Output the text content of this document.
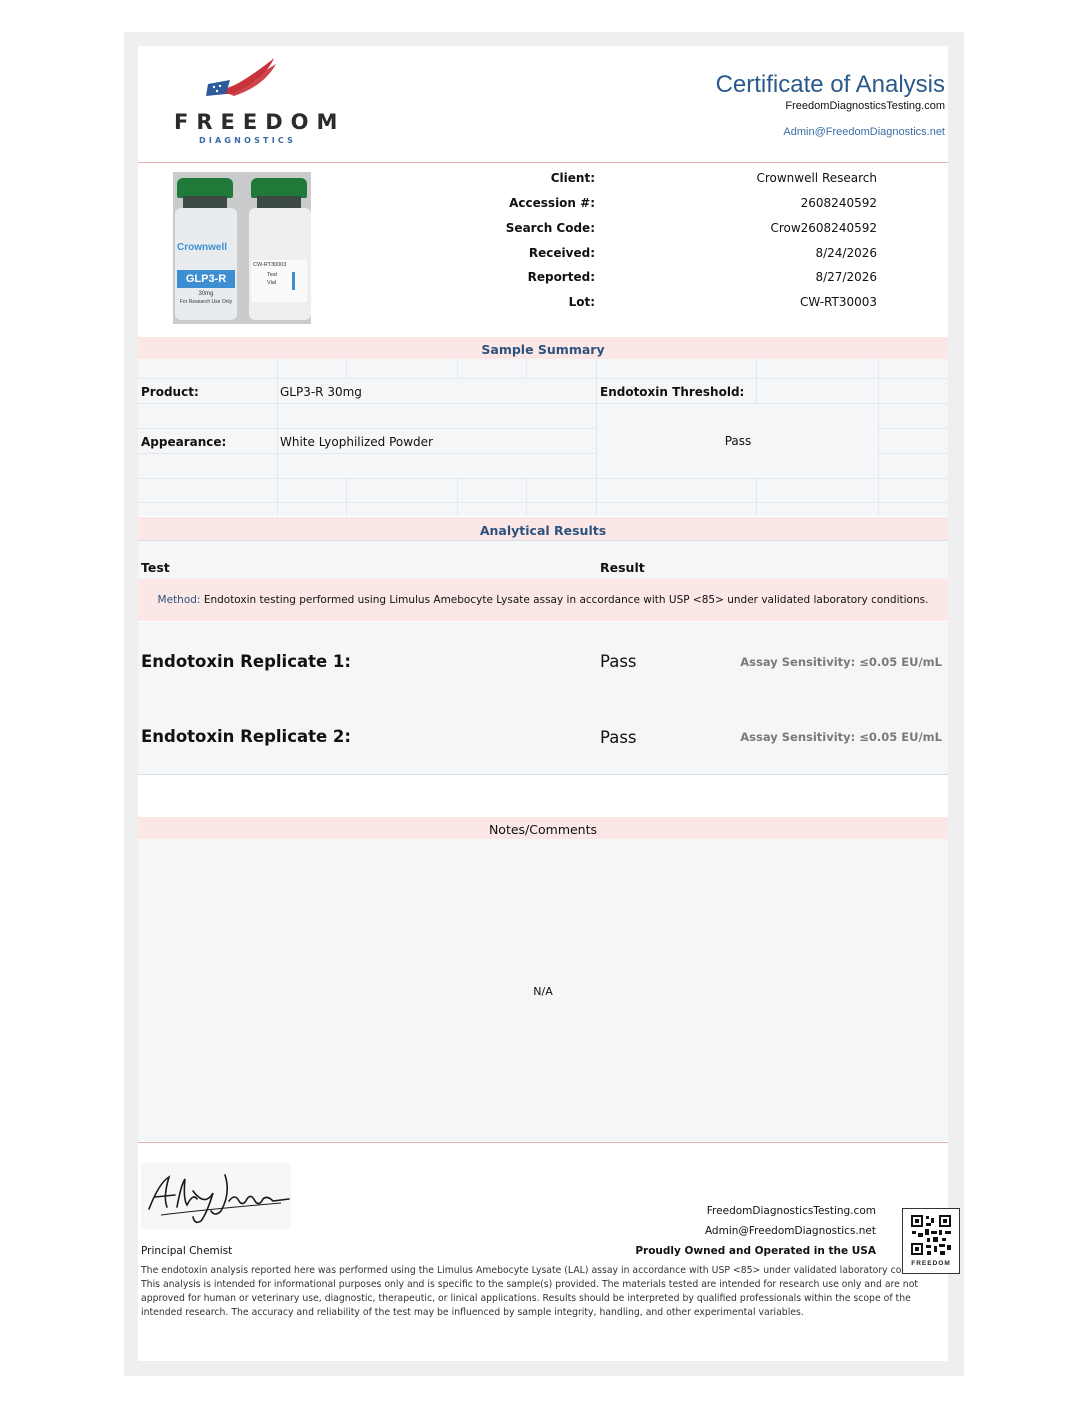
FREEDOM
DIAGNOSTICS
Certificate of Analysis
FreedomDiagnosticsTesting.com
Admin@FreedomDiagnostics.net
Crownwell
GLP3-R
30mg
For Research Use Only
CW-RT30003
Test
Vial
Client:	Crownwell Research
Accession #:	2608240592
Search Code:	Crow2608240592
Received:	8/24/2026
Reported:	8/27/2026
Lot:	CW-RT30003
Sample Summary
Product:	GLP3-R 30mg	Endotoxin Threshold:
Appearance:	White Lyophilized Powder	Pass
Analytical Results
Test	Result
Method: Endotoxin testing performed using Limulus Amebocyte Lysate assay in accordance with USP <85> under validated laboratory conditions.
Endotoxin Replicate 1:	Pass	Assay Sensitivity: ≤0.05 EU/mL
Endotoxin Replicate 2:	Pass	Assay Sensitivity: ≤0.05 EU/mL
Notes/Comments
N/A
Principal Chemist
FreedomDiagnosticsTesting.com
Admin@FreedomDiagnostics.net
Proudly Owned and Operated in the USA
FREEDOM
The endotoxin analysis reported here was performed using the Limulus Amebocyte Lysate (LAL) assay in accordance with USP <85> under validated laboratory co
This analysis is intended for informational purposes only and is specific to the sample(s) provided. The materials tested are intended for research use only and are not
approved for human or veterinary use, diagnostic, therapeutic, or linical applications. Results should be interpreted by qualified professionals within the scope of the
intended research. The accuracy and reliability of the test may be influenced by sample integrity, handling, and other experimental variables.
